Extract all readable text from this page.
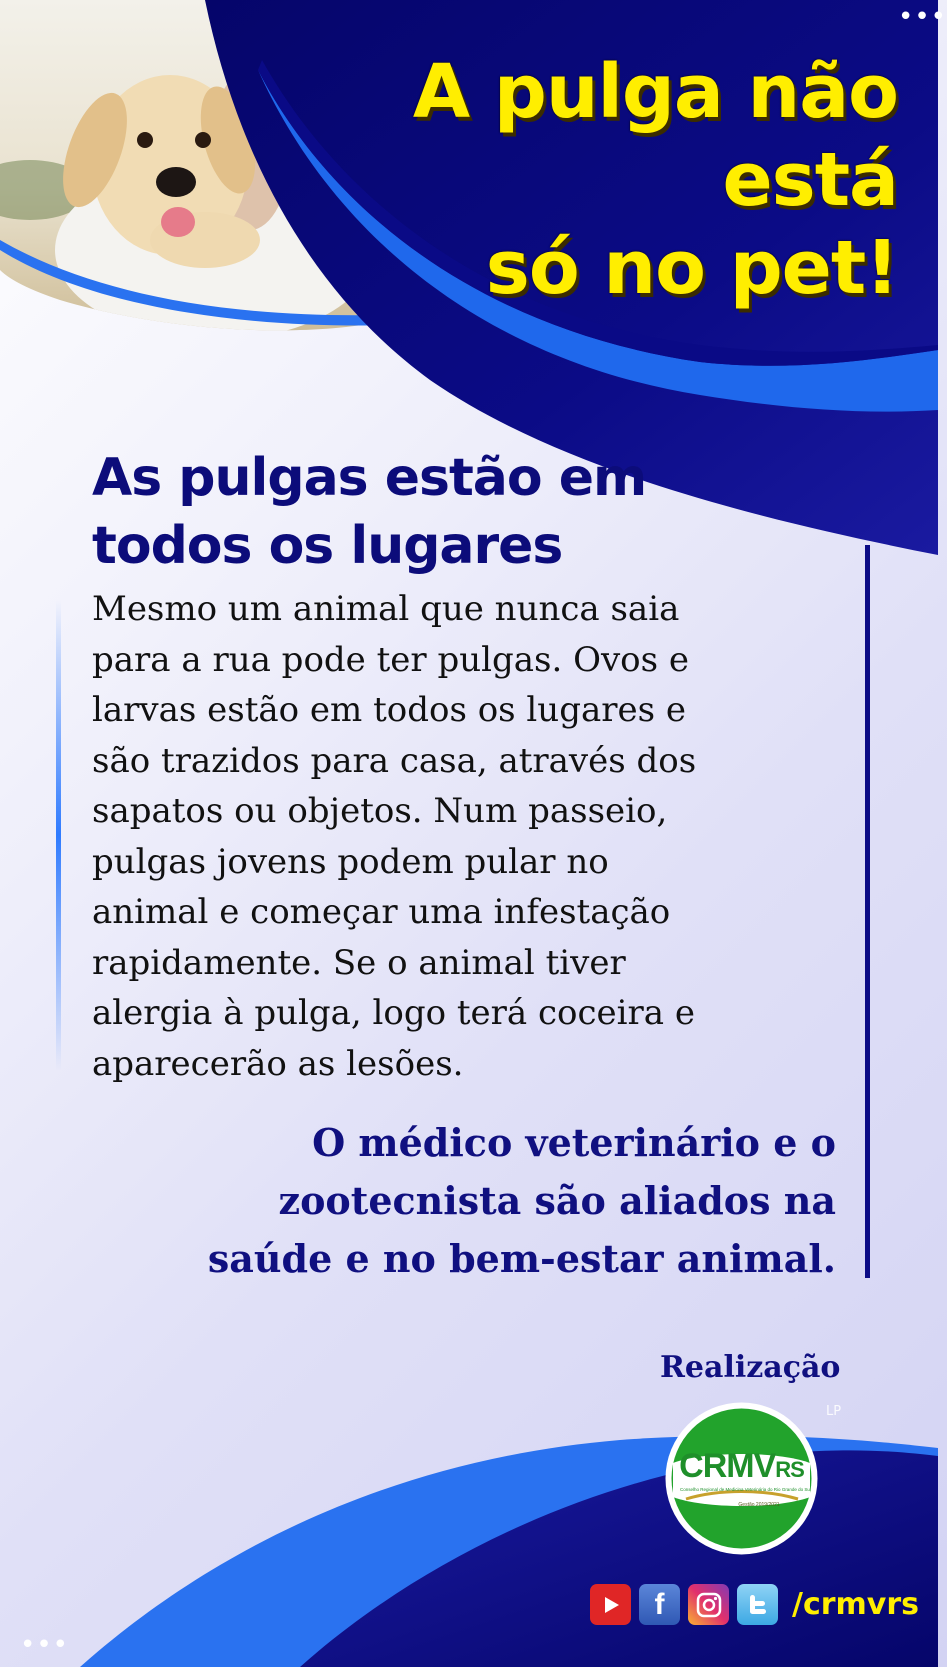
•••
•••
A pulga não está
só no pet!
As pulgas estão em
todos os lugares
Mesmo um animal que nunca saia
para a rua pode ter pulgas. Ovos e
larvas estão em todos os lugares e
são trazidos para casa, através dos
sapatos ou objetos. Num passeio,
pulgas jovens podem pular no
animal e começar uma infestação
rapidamente. Se o animal tiver
alergia à pulga, logo terá coceira e
aparecerão as lesões.
O médico veterinário e o
zootecnista são aliados na
saúde e no bem-estar animal.
Realização
LP
CRMVRS
Conselho Regional de Medicina Veterinária do Rio Grande do Sul
Gestão 2019/2021
f	/crmvrs
